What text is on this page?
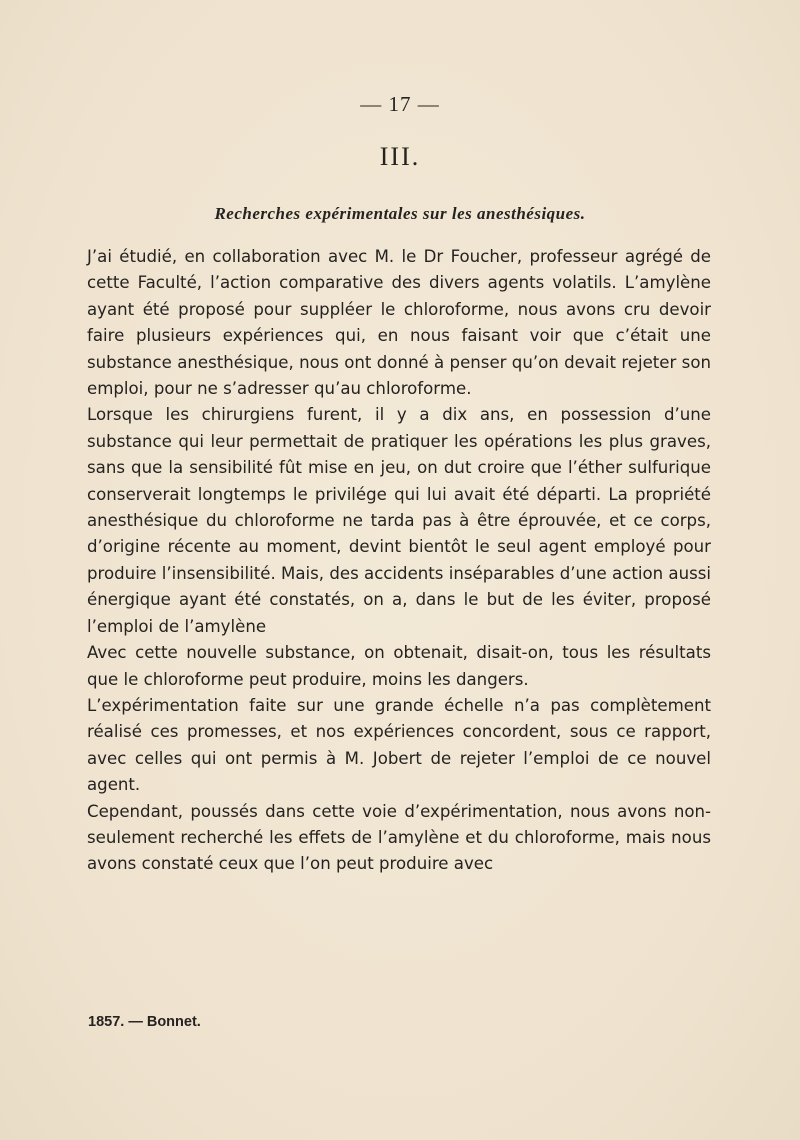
— 17 —
III.
Recherches expérimentales sur les anesthésiques.

J’ai étudié, en collaboration avec M. le Dr Foucher, professeur agrégé de cette Faculté, l’action comparative des divers agents volatils. L’amylène ayant été proposé pour suppléer le chloroforme, nous avons cru devoir faire plusieurs expériences qui, en nous faisant voir que c’était une substance anesthésique, nous ont donné à penser qu’on devait rejeter son emploi, pour ne s’adresser qu’au chloroforme.

Lorsque les chirurgiens furent, il y a dix ans, en possession d’une substance qui leur permettait de pratiquer les opérations les plus graves, sans que la sensibilité fût mise en jeu, on dut croire que l’éther sulfurique conserverait longtemps le privilége qui lui avait été départi. La propriété anesthésique du chloroforme ne tarda pas à être éprouvée, et ce corps, d’origine récente au moment, devint bientôt le seul agent employé pour produire l’insensibilité. Mais, des accidents inséparables d’une action aussi énergique ayant été constatés, on a, dans le but de les éviter, proposé l’emploi de l’amylène

Avec cette nouvelle substance, on obtenait, disait-on, tous les résultats que le chloroforme peut produire, moins les dangers.

L’expérimentation faite sur une grande échelle n’a pas complètement réalisé ces promesses, et nos expériences concordent, sous ce rapport, avec celles qui ont permis à M. Jobert de rejeter l’emploi de ce nouvel agent.

Cependant, poussés dans cette voie d’expérimentation, nous avons non-seulement recherché les effets de l’amylène et du chloroforme, mais nous avons constaté ceux que l’on peut produire avec

1857. — Bonnet.
